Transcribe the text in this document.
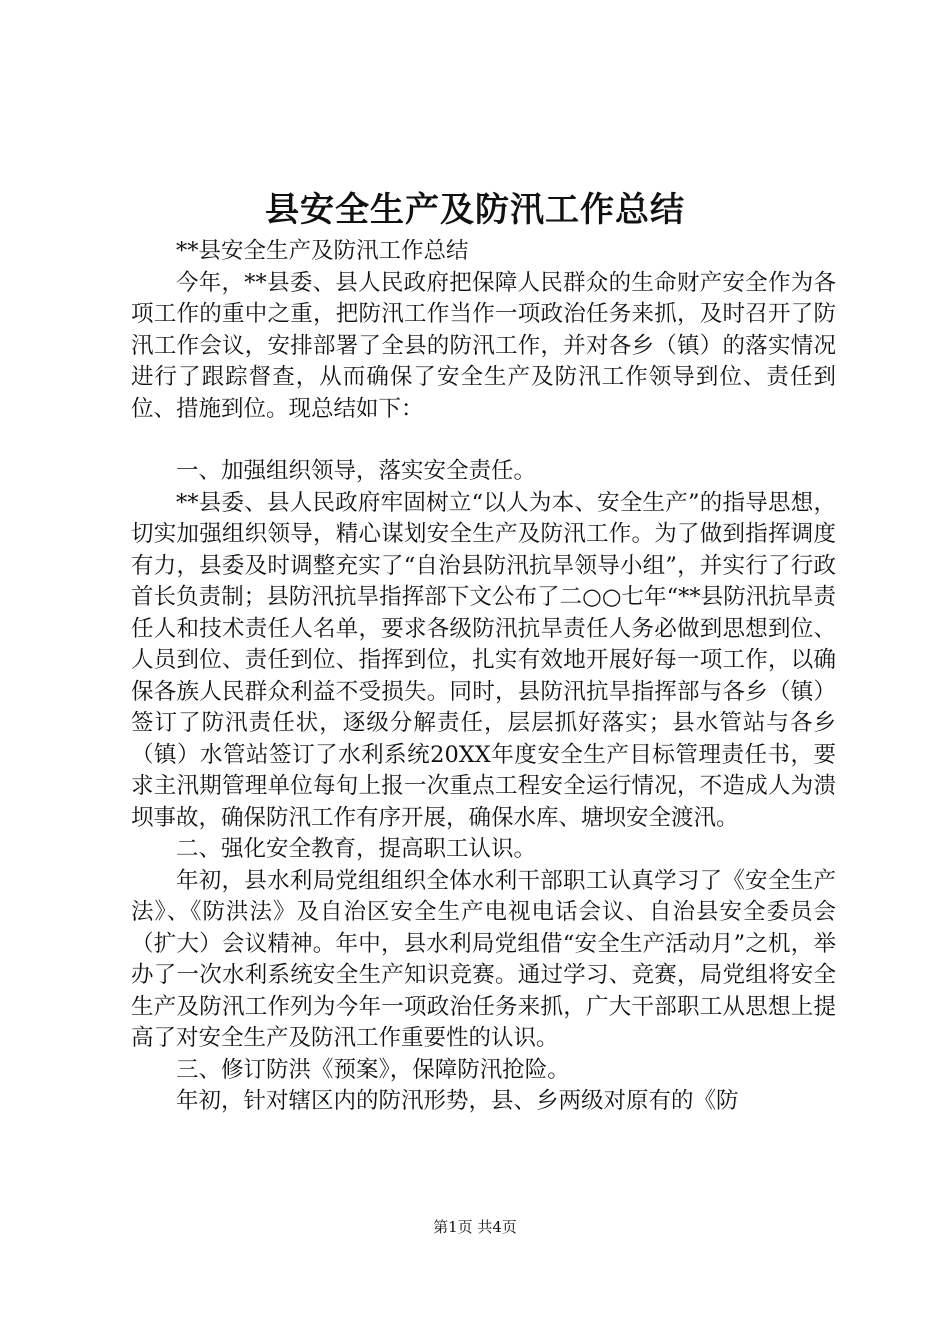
县安全生产及防汛工作总结

**县安全生产及防汛工作总结

今年，**县委、县人民政府把保障人民群众的生命财产安全作为各项工作的重中之重，把防汛工作当作一项政治任务来抓，及时召开了防汛工作会议，安排部署了全县的防汛工作，并对各乡（镇）的落实情况进行了跟踪督查，从而确保了安全生产及防汛工作领导到位、责任到位、措施到位。现总结如下：

一、加强组织领导，落实安全责任。

**县委、县人民政府牢固树立“以人为本、安全生产”的指导思想，切实加强组织领导，精心谋划安全生产及防汛工作。为了做到指挥调度有力，县委及时调整充实了“自治县防汛抗旱领导小组”，并实行了行政首长负责制；县防汛抗旱指挥部下文公布了二○○七年“**县防汛抗旱责任人和技术责任人名单，要求各级防汛抗旱责任人务必做到思想到位、人员到位、责任到位、指挥到位，扎实有效地开展好每一项工作，以确保各族人民群众利益不受损失。同时，县防汛抗旱指挥部与各乡（镇）签订了防汛责任状，逐级分解责任，层层抓好落实；县水管站与各乡（镇）水管站签订了水利系统20XX年度安全生产目标管理责任书，要求主汛期管理单位每旬上报一次重点工程安全运行情况，不造成人为溃坝事故，确保防汛工作有序开展，确保水库、塘坝安全渡汛。

二、强化安全教育，提高职工认识。

年初，县水利局党组组织全体水利干部职工认真学习了《安全生产法》、《防洪法》及自治区安全生产电视电话会议、自治县安全委员会（扩大）会议精神。年中，县水利局党组借“安全生产活动月”之机，举办了一次水利系统安全生产知识竞赛。通过学习、竞赛，局党组将安全生产及防汛工作列为今年一项政治任务来抓，广大干部职工从思想上提高了对安全生产及防汛工作重要性的认识。

三、修订防洪《预案》，保障防汛抢险。

年初，针对辖区内的防汛形势，县、乡两级对原有的《防

第1页 共4页
